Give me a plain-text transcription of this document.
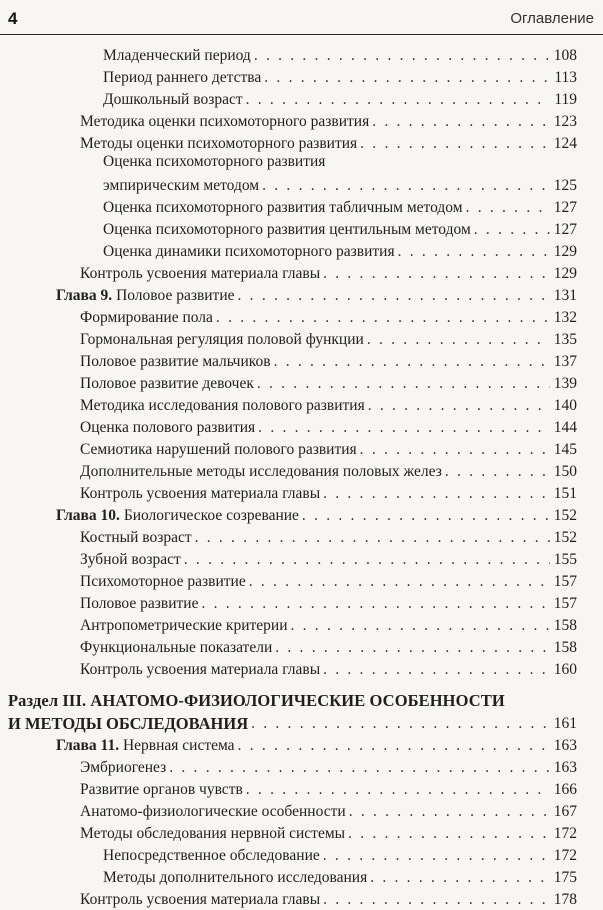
4	Оглавление
Младенческий период . . .	108
Период раннего детства . . .	113
Дошкольный возраст . . .	119
Методика оценки психомоторного развития . . .	123
Методы оценки психомоторного развития . . .	124
Оценка психомоторного развития
эмпирическим методом . . .	125
Оценка психомоторного развития табличным методом . . .	127
Оценка психомоторного развития центильным методом . . .	127
Оценка динамики психомоторного развития . . .	129
Контроль усвоения материала главы . . .	129
Глава 9. Половое развитие . . .	131
Формирование пола . . .	132
Гормональная регуляция половой функции . . .	135
Половое развитие мальчиков . . .	137
Половое развитие девочек . . .	139
Методика исследования полового развития . . .	140
Оценка полового развития . . .	144
Семиотика нарушений полового развития . . .	145
Дополнительные методы исследования половых желез . . .	150
Контроль усвоения материала главы . . .	151
Глава 10. Биологическое созревание . . .	152
Костный возраст . . .	152
Зубной возраст . . .	155
Психомоторное развитие . . .	157
Половое развитие . . .	157
Антропометрические критерии . . .	158
Функциональные показатели . . .	158
Контроль усвоения материала главы . . .	160
Раздел III. АНАТОМО-ФИЗИОЛОГИЧЕСКИЕ ОСОБЕННОСТИ
И МЕТОДЫ ОБСЛЕДОВАНИЯ . . .	161
Глава 11. Нервная система . . .	163
Эмбриогенез . . .	163
Развитие органов чувств . . .	166
Анатомо-физиологические особенности . . .	167
Методы обследования нервной системы . . .	172
Непосредственное обследование . . .	172
Методы дополнительного исследования . . .	175
Контроль усвоения материала главы . . .	178
